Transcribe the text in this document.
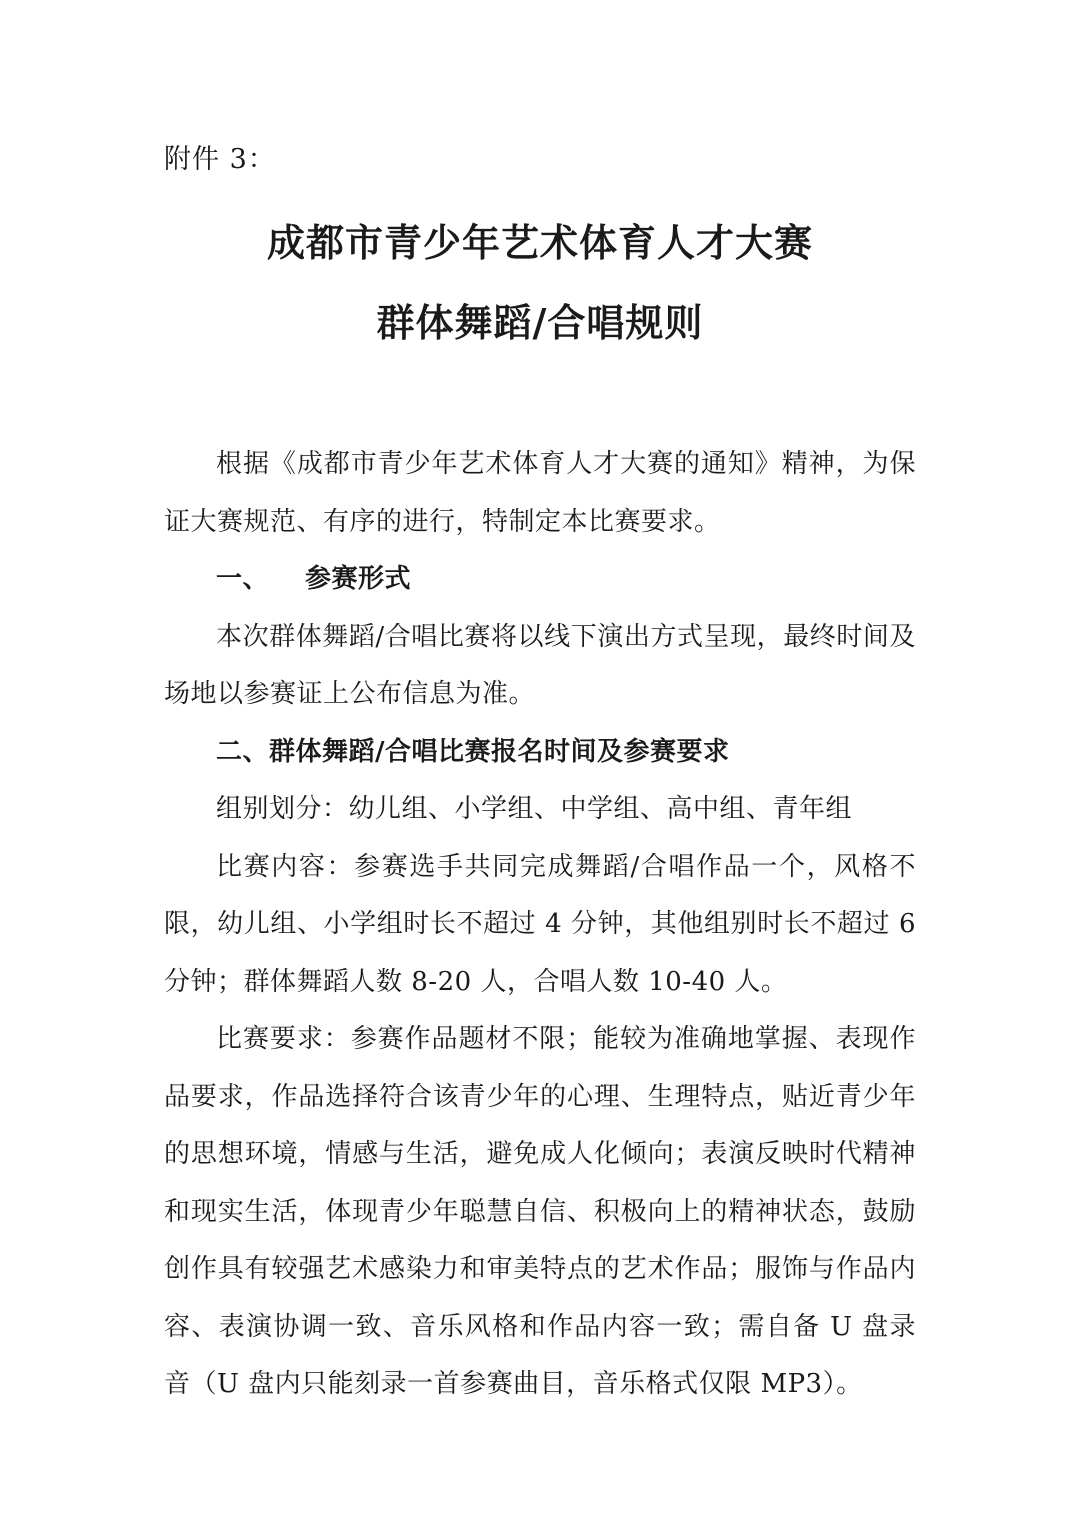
附件 3：
成都市青少年艺术体育人才大赛
群体舞蹈/合唱规则

根据《成都市青少年艺术体育人才大赛的通知》精神，为保证大赛规范、有序的进行，特制定本比赛要求。

一、 参赛形式

本次群体舞蹈/合唱比赛将以线下演出方式呈现，最终时间及场地以参赛证上公布信息为准。

二、群体舞蹈/合唱比赛报名时间及参赛要求

组别划分：幼儿组、小学组、中学组、高中组、青年组

比赛内容：参赛选手共同完成舞蹈/合唱作品一个，风格不限，幼儿组、小学组时长不超过 4 分钟，其他组别时长不超过 6 分钟；群体舞蹈人数 8-20 人，合唱人数 10-40 人。

比赛要求：参赛作品题材不限；能较为准确地掌握、表现作品要求，作品选择符合该青少年的心理、生理特点，贴近青少年的思想环境，情感与生活，避免成人化倾向；表演反映时代精神和现实生活，体现青少年聪慧自信、积极向上的精神状态，鼓励创作具有较强艺术感染力和审美特点的艺术作品；服饰与作品内容、表演协调一致、音乐风格和作品内容一致；需自备 U 盘录音（U 盘内只能刻录一首参赛曲目，音乐格式仅限 MP3）。
